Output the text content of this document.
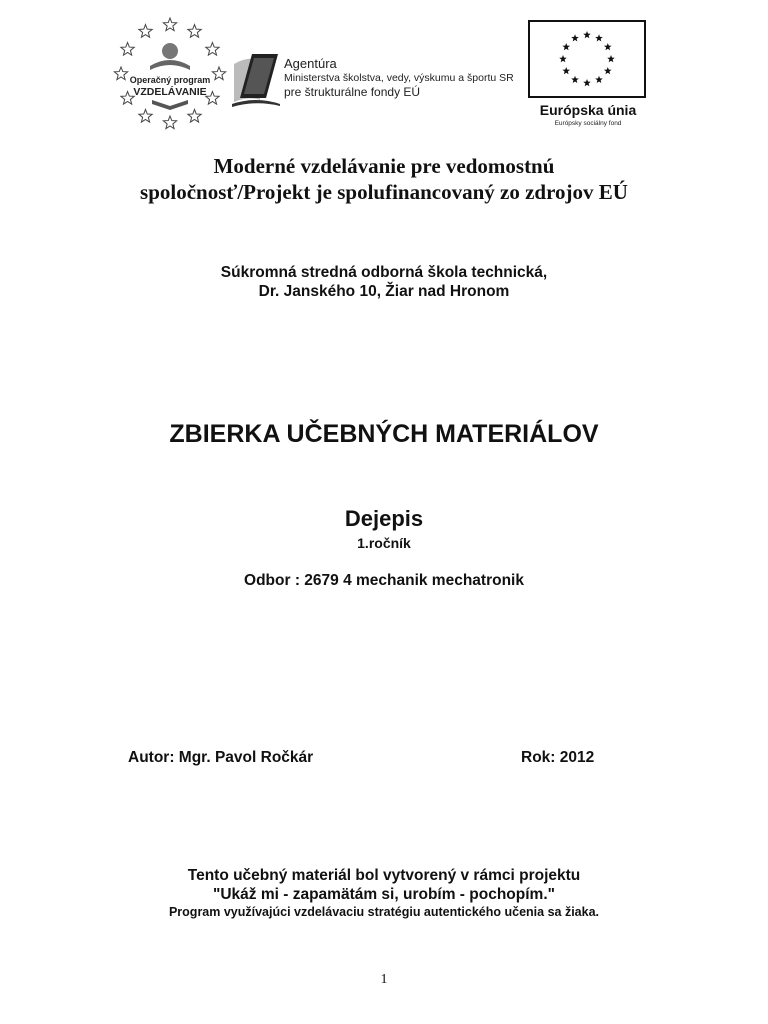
Operačný program
VZDELÁVANIE
Agentúra
Ministerstva školstva, vedy, výskumu a športu SR
pre štrukturálne fondy EÚ
Európska únia
Európsky sociálny fond
Moderné vzdelávanie pre vedomostnú
spoločnosť/Projekt je spolufinancovaný zo zdrojov EÚ
Súkromná stredná odborná škola technická,
Dr. Janského 10, Žiar nad Hronom
ZBIERKA UČEBNÝCH MATERIÁLOV
Dejepis
1.ročník
Odbor : 2679 4 mechanik mechatronik
Autor: Mgr. Pavol Ročkár	Rok: 2012
Tento učebný materiál bol vytvorený v rámci projektu
"Ukáž mi - zapamätám si, urobím - pochopím."
Program využívajúci vzdelávaciu stratégiu autentického učenia sa žiaka.
1
